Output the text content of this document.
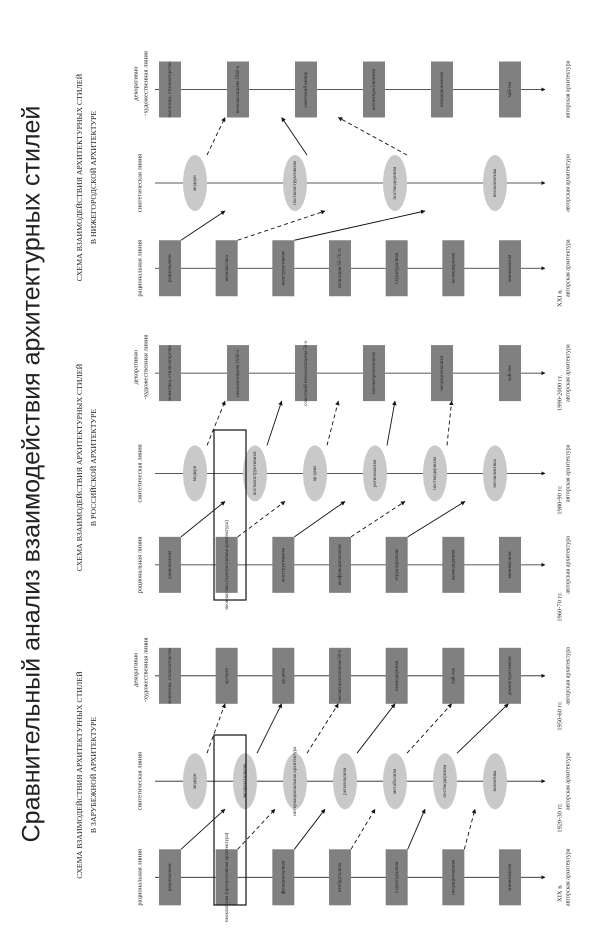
Сравнительный анализ взаимодействия архитектурных стилей
XIX в.
1920-30 гг.
1950-60 гг.
1960-70 гг.
1980-90 гг.
1990-2000 гг.
XXI в.
СХЕМА ВЗАИМОДЕЙСТВИЯ АРХИТЕКТУРНЫХ СТИЛЕЙ В ЗАРУБЕЖНОЙ АРХИТЕКТУРЕ
рациональная линия
синтетическая линия
декоративно -художественная линия
авторская архитектура
авторская архитектура
авторская архитектура
рационализм	неоклассика (прогрессивная архитектура)	функционализм	необрутализм	структурализм	неорационализм	минимализм
эклектика, стилизаторство	ар-нуво	ар-деко	неоэкспрессионизм 50-х	неомодернизм	хай-тек	деконструктивизм
модерн	экспрессионизм	интернациональная архитектура	регионализм	метаболизм	постмодернизм	эклектика
СХЕМА ВЗАИМОДЕЙСТВИЯ АРХИТЕКТУРНЫХ СТИЛЕЙ В РОССИЙСКОЙ АРХИТЕКТУРЕ
рациональная линия
синтетическая линия
декоративно -художественная линия
авторская архитектура
авторская архитектура
авторская архитектура
рационализм	неоклассика (прогрессивная архитектура)	конструктивизм	неофункционализм	структурализм	неомодернизм	минимализм
эклектика, стилизаторство	неоклассицизм 1930-х	советский неоклассицизм 50-х	неоэкспрессионизм	неорационализм	хай-тек
модерн	постконструктивизм	ар-деко	регионализм	постмодернизм	неоэклектика
СХЕМА ВЗАИМОДЕЙСТВИЯ АРХИТЕКТУРНЫХ СТИЛЕЙ В НИЖЕГОРОДСКОЙ АРХИТЕКТУРЕ
рациональная линия
синтетическая линия
декоративно -художественная линия
авторская архитектура
авторская архитектура
авторская архитектура
рационализм	неоклассика	конструктивизм	типизация 50-70 гг.	структурализм	неомодернизм	минимализм
эклектика, стилизаторство	неоклассицизм 1930-х	советский ампир	неоэкспрессионизм	неорационализм	хай-тек
модерн	постконструктивизм	постмодернизм	неоэклектика
